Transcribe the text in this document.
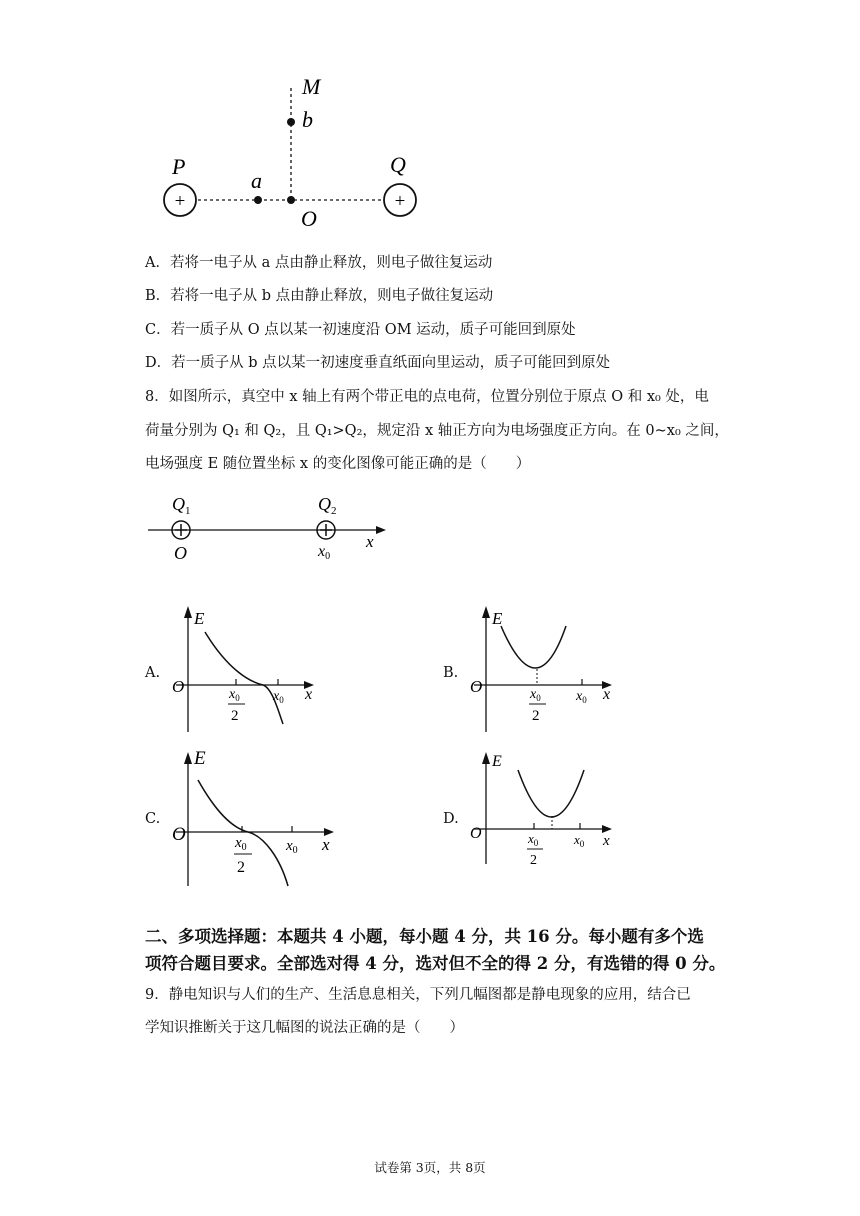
+	+
M
b
P	Q
a
O
A．若将一电子从 a 点由静止释放，则电子做往复运动
B．若将一电子从 b 点由静止释放，则电子做往复运动
C．若一质子从 O 点以某一初速度沿 OM 运动，质子可能回到原处
D．若一质子从 b 点以某一初速度垂直纸面向里运动，质子可能回到原处
8．如图所示，真空中 x 轴上有两个带正电的点电荷，位置分别位于原点 O 和 x₀ 处，电
荷量分别为 Q₁ 和 Q₂，且 Q₁>Q₂，规定沿 x 轴正方向为电场强度正方向。在 0~x₀ 之间，
电场强度 E 随位置坐标 x 的变化图像可能正确的是（　　）
$Q_1$	$Q_2$
O	x0
x
A.	B.
C.	D.
E
O	x
$x_0$
$x_0$
2
E
O	x
$x_0$
$x_0$
2
E
O	x
$x_0$
$x_0$
2
E
O	x
$x_0$
$x_0$
2
二、多项选择题：本题共 4 小题，每小题 4 分，共 16 分。每小题有多个选
项符合题目要求。全部选对得 4 分，选对但不全的得 2 分，有选错的得 0 分。
9．静电知识与人们的生产、生活息息相关，下列几幅图都是静电现象的应用，结合已
学知识推断关于这几幅图的说法正确的是（　　）
试卷第 3页，共 8页
